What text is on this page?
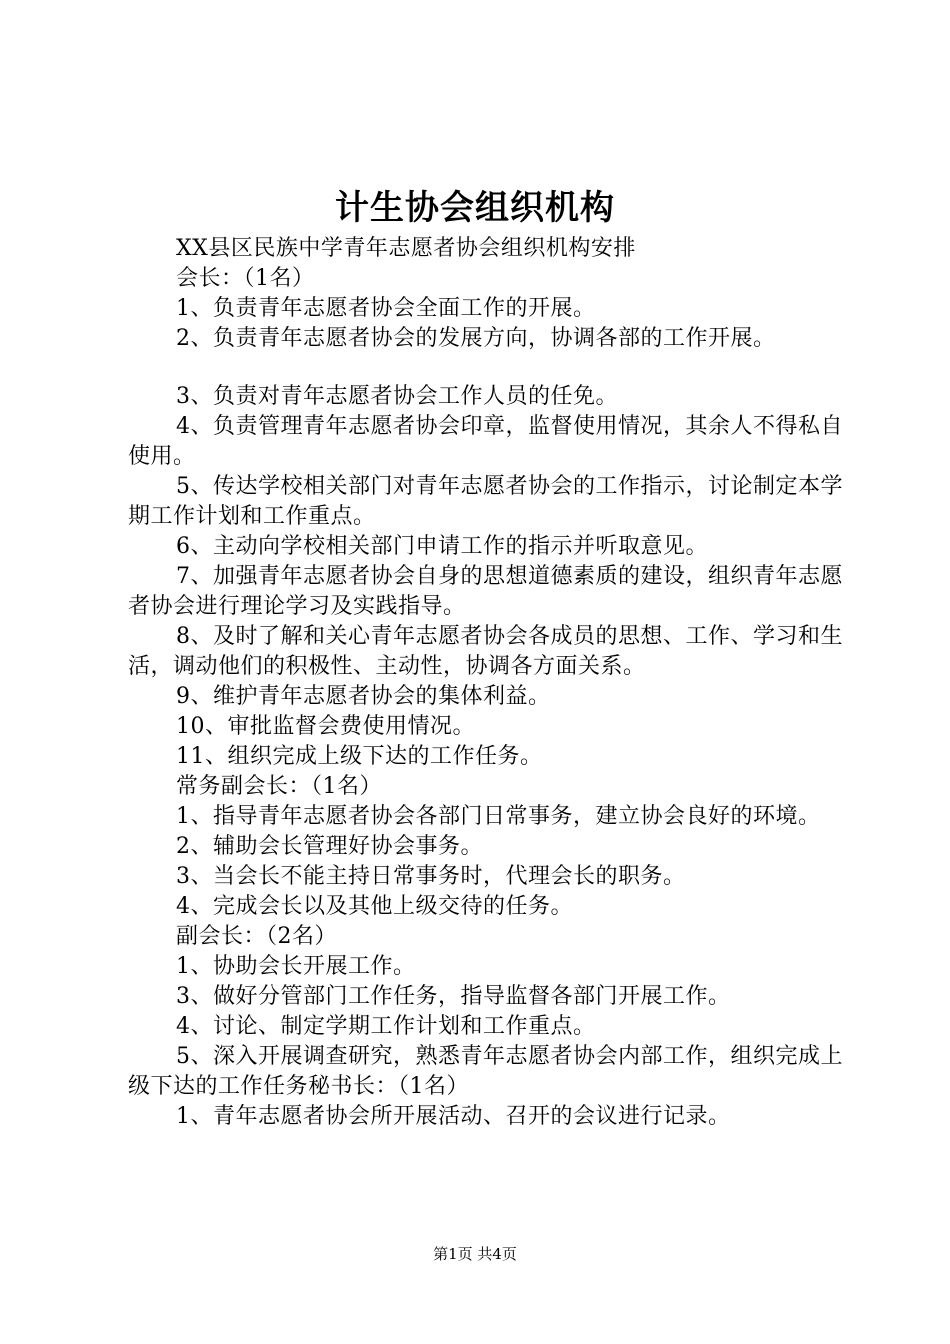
计生协会组织机构

XX县区民族中学青年志愿者协会组织机构安排

会长：（1名）

1、负责青年志愿者协会全面工作的开展。

2、负责青年志愿者协会的发展方向，协调各部的工作开展。

3、负责对青年志愿者协会工作人员的任免。

4、负责管理青年志愿者协会印章，监督使用情况，其余人不得私自使用。

5、传达学校相关部门对青年志愿者协会的工作指示，讨论制定本学期工作计划和工作重点。

6、主动向学校相关部门申请工作的指示并听取意见。

7、加强青年志愿者协会自身的思想道德素质的建设，组织青年志愿者协会进行理论学习及实践指导。

8、及时了解和关心青年志愿者协会各成员的思想、工作、学习和生活，调动他们的积极性、主动性，协调各方面关系。

9、维护青年志愿者协会的集体利益。

10、审批监督会费使用情况。

11、组织完成上级下达的工作任务。

常务副会长：（1名）

1、指导青年志愿者协会各部门日常事务，建立协会良好的环境。

2、辅助会长管理好协会事务。

3、当会长不能主持日常事务时，代理会长的职务。

4、完成会长以及其他上级交待的任务。

副会长：（2名）

1、协助会长开展工作。

3、做好分管部门工作任务，指导监督各部门开展工作。

4、讨论、制定学期工作计划和工作重点。

5、深入开展调查研究，熟悉青年志愿者协会内部工作，组织完成上级下达的工作任务秘书长：（1名）

1、青年志愿者协会所开展活动、召开的会议进行记录。

第1页 共4页
